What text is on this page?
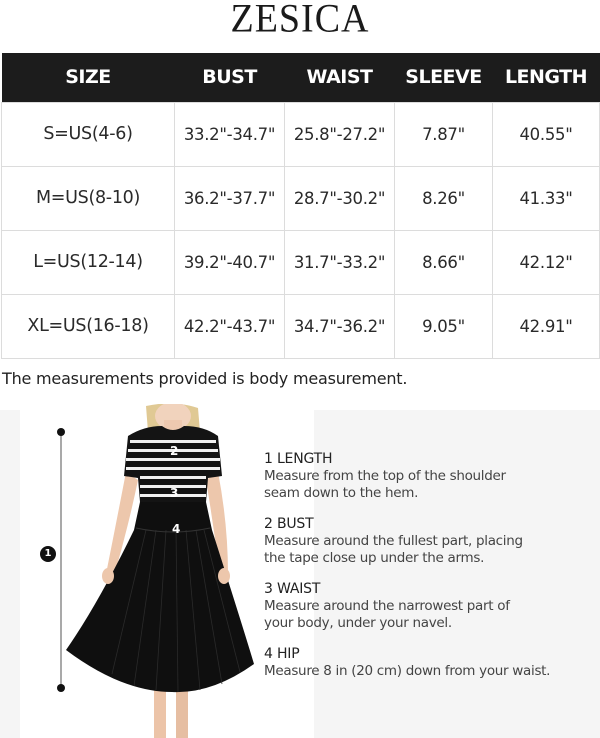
ZESICA
SIZE	BUST	WAIST	SLEEVE	LENGTH
S=US(4-6)	33.2"-34.7"	25.8"-27.2"	7.87"	40.55"
M=US(8-10)	36.2"-37.7"	28.7"-30.2"	8.26"	41.33"
L=US(12-14)	39.2"-40.7"	31.7"-33.2"	8.66"	42.12"
XL=US(16-18)	42.2"-43.7"	34.7"-36.2"	9.05"	42.91"
The measurements provided is body measurement.
1
2
3
4
1 LENGTH
Measure from the top of the shoulder seam down to the hem.
2 BUST
Measure around the fullest part, placing the tape close up under the arms.
3 WAIST
Measure around the narrowest part of your body, under your navel.
4 HIP
Measure 8 in (20 cm) down from your waist.
